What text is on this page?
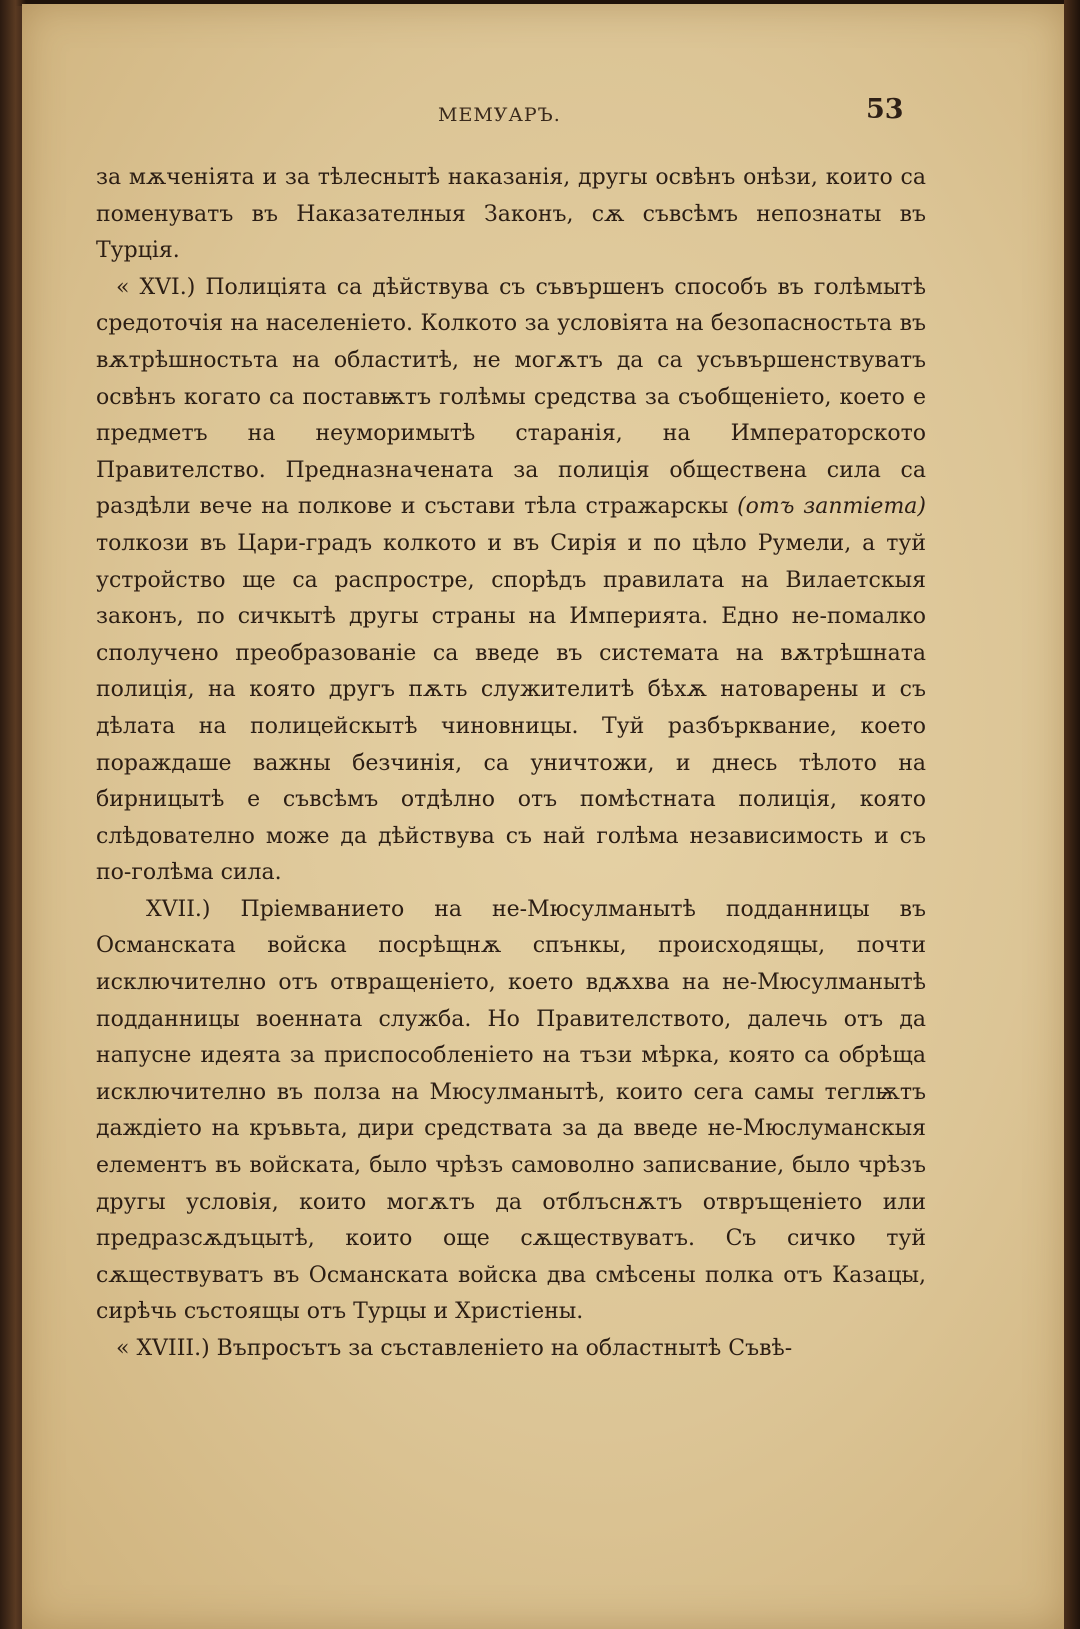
МЕМУАРЪ.	53

за мѫченiята и за тѣлеснытѣ наказанiя, другы освѣнъ онѣзи, които са поменуватъ въ Наказателныя Законъ, сѫ съвсѣмъ непознаты въ Турцiя.

« XVI.) Полицiята са дѣйствува съ съвършенъ способъ въ голѣмытѣ средоточiя на населенiето. Колкото за условiята на безопасностьта въ вѫтрѣшностьта на областитѣ, не могѫтъ да са усъвършенствуватъ освѣнъ когато са поставѭтъ голѣмы средства за съобщенiето, което е предметъ на неуморимытѣ старанiя, на Императорското Правителство. Предназначената за полицiя обществена сила са раздѣли вече на полкове и състави тѣла стражарскы (отъ заптiета) толкози въ Цари-градъ колкото и въ Сирiя и по цѣло Румели, а туй устройство ще са распростре, спорѣдъ правилата на Вилаетскыя законъ, по сичкытѣ другы страны на Империята. Едно не-помалко сполучено преобразованiе са введе въ системата на вѫтрѣшната полицiя, на която другъ пѫть служителитѣ бѣхѫ натоварены и съ дѣлата на полицейскытѣ чиновницы. Туй разбърквание, което пораждаше важны безчинiя, са уничтожи, и днесь тѣлото на бирницытѣ е съвсѣмъ отдѣлно отъ помѣстната полицiя, която слѣдователно може да дѣйствува съ най голѣма независимость и съ по-голѣма сила.

XVII.) Прiемванието на не-Мюсулманытѣ подданницы въ Османската войска посрѣщнѫ спънкы, происходящы, почти исключително отъ отвращенiето, което вдѫхва на не-Мюсулманытѣ подданницы военната служба. Но Правителството, далечь отъ да напусне идеята за приспособленiето на тъзи мѣрка, която са обрѣща исключително въ полза на Мюсулманытѣ, които сега самы теглѭтъ даждiето на кръвьта, дири средствата за да введе не-Мюслуманскыя елементъ въ войската, было чрѣзъ самоволно записвание, было чрѣзъ другы условiя, които могѫтъ да отблъснѫтъ отвръщенiето или предразсѫдъцытѣ, които още сѫществуватъ. Съ сичко туй сѫществуватъ въ Османската войска два смѣсены полка отъ Казацы, сирѣчь състоящы отъ Турцы и Христiены.

« XVIII.) Въпросътъ за съставленiето на областнытѣ Съвѣ-
